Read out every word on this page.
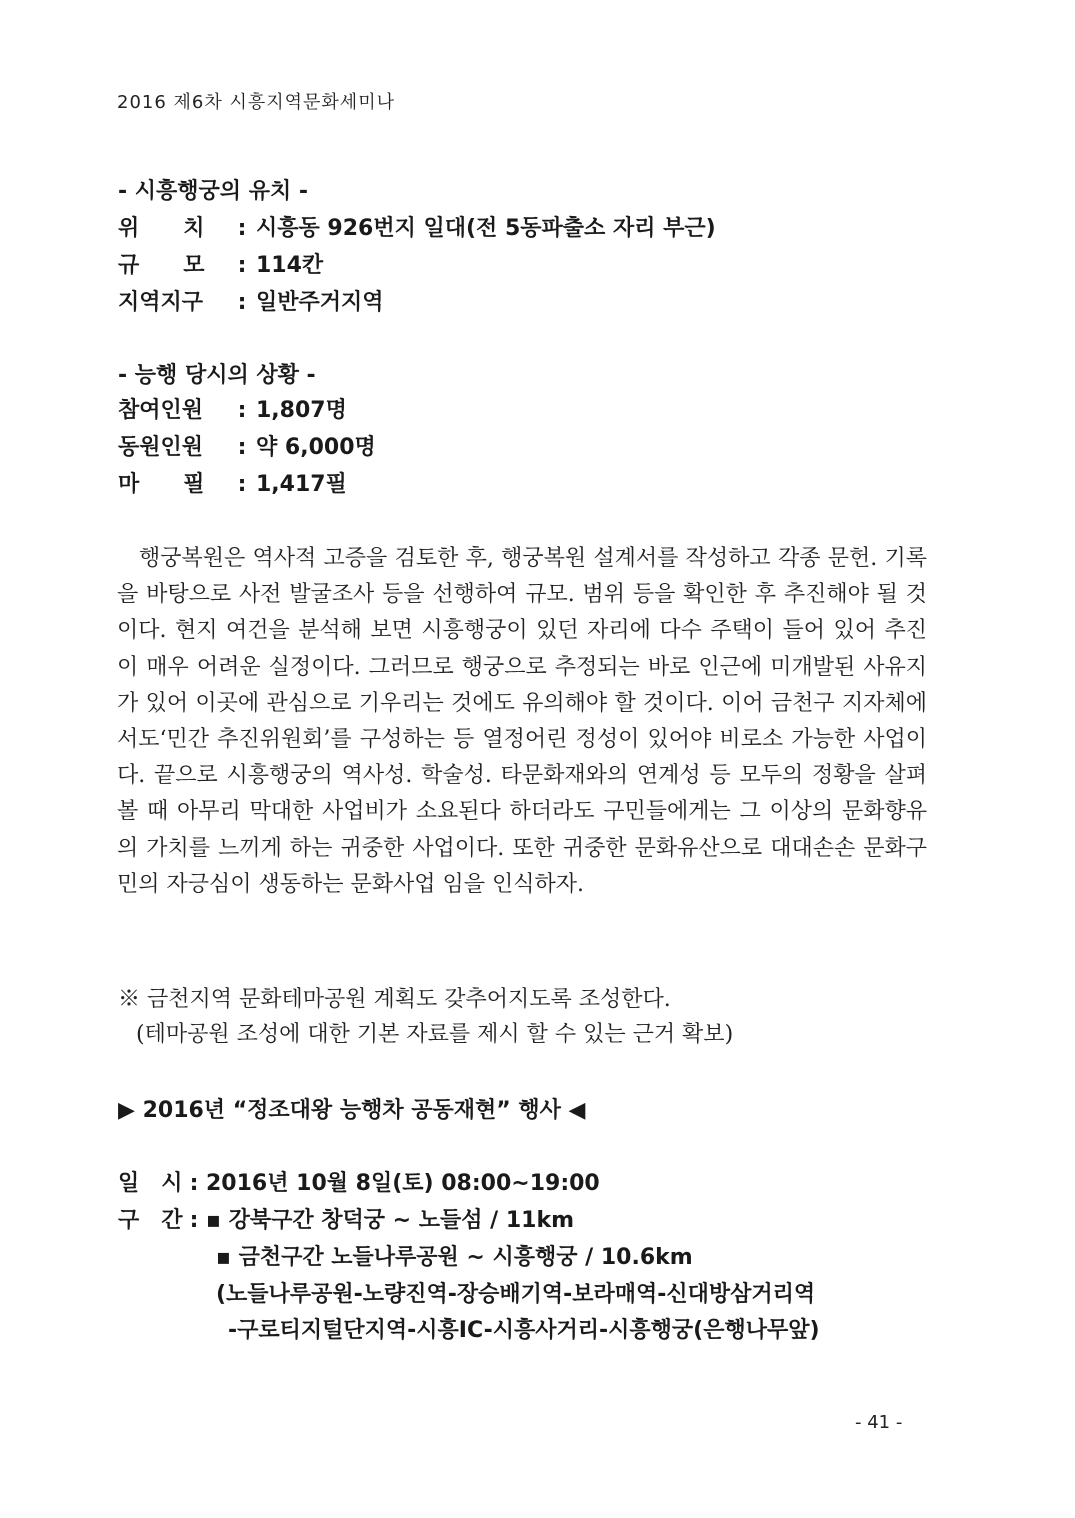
2016 제6차 시흥지역문화세미나
- 시흥행궁의 유치 -
위　　치 : 시흥동 926번지 일대(전 5동파출소 자리 부근)
규　　모 : 114칸
지역지구 : 일반주거지역
- 능행 당시의 상황 -
참여인원 : 1,807명
동원인원 : 약 6,000명
마　　필 : 1,417필

행궁복원은 역사적 고증을 검토한 후, 행궁복원 설계서를 작성하고 각종 문헌. 기록을 바탕으로 사전 발굴조사 등을 선행하여 규모. 범위 등을 확인한 후 추진해야 될 것이다. 현지 여건을 분석해 보면 시흥행궁이 있던 자리에 다수 주택이 들어 있어 추진이 매우 어려운 실정이다. 그러므로 행궁으로 추정되는 바로 인근에 미개발된 사유지가 있어 이곳에 관심으로 기우리는 것에도 유의해야 할 것이다. 이어 금천구 지자체에서도‘민간 추진위원회’를 구성하는 등 열정어린 정성이 있어야 비로소 가능한 사업이다. 끝으로 시흥행궁의 역사성. 학술성. 타문화재와의 연계성 등 모두의 정황을 살펴 볼 때 아무리 막대한 사업비가 소요된다 하더라도 구민들에게는 그 이상의 문화향유의 가치를 느끼게 하는 귀중한 사업이다. 또한 귀중한 문화유산으로 대대손손 문화구민의 자긍심이 생동하는 문화사업 임을 인식하자.

※ 금천지역 문화테마공원 계획도 갖추어지도록 조성한다.
(테마공원 조성에 대한 기본 자료를 제시 할 수 있는 근거 확보)
▶ 2016년 “정조대왕 능행차 공동재현” 행사 ◀
일　시 : 2016년 10월 8일(토) 08:00~19:00
구　간 : ▪ 강북구간 창덕궁 ~ 노들섬 / 11km
▪ 금천구간 노들나루공원 ~ 시흥행궁 / 10.6km
(노들나루공원-노량진역-장승배기역-보라매역-신대방삼거리역
-구로티지털단지역-시흥IC-시흥사거리-시흥행궁(은행나무앞)
- 41 -
